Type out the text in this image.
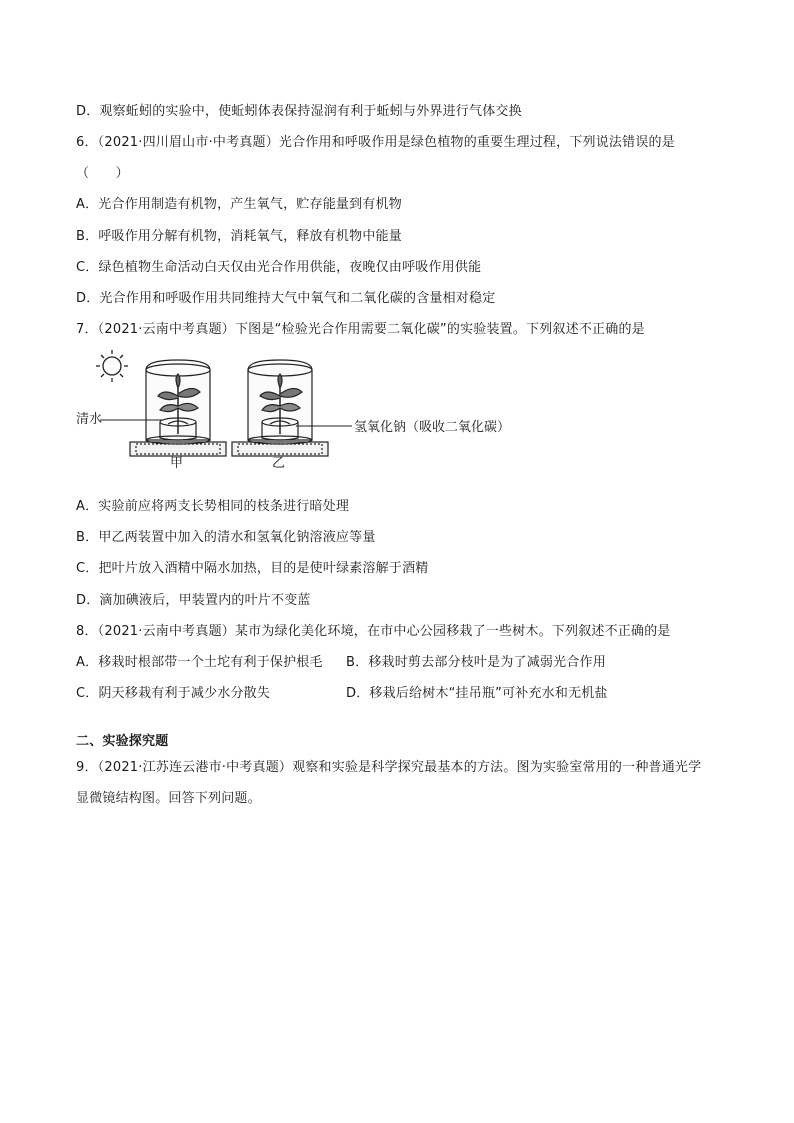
D．观察蚯蚓的实验中，使蚯蚓体表保持湿润有利于蚯蚓与外界进行气体交换
6．（2021·四川眉山市·中考真题）光合作用和呼吸作用是绿色植物的重要生理过程，下列说法错误的是
（　　）
A．光合作用制造有机物，产生氧气，贮存能量到有机物
B．呼吸作用分解有机物，消耗氧气，释放有机物中能量
C．绿色植物生命活动白天仅由光合作用供能，夜晚仅由呼吸作用供能
D．光合作用和呼吸作用共同维持大气中氧气和二氧化碳的含量相对稳定
7．（2021·云南中考真题）下图是“检验光合作用需要二氧化碳”的实验装置。下列叙述不正确的是
清水
甲	乙
氢氧化钠（吸收二氧化碳）
A．实验前应将两支长势相同的枝条进行暗处理
B．甲乙两装置中加入的清水和氢氧化钠溶液应等量
C．把叶片放入酒精中隔水加热，目的是使叶绿素溶解于酒精
D．滴加碘液后，甲装置内的叶片不变蓝
8．（2021·云南中考真题）某市为绿化美化环境，在市中心公园移栽了一些树木。下列叙述不正确的是
A．移栽时根部带一个土坨有利于保护根毛 B．移栽时剪去部分枝叶是为了减弱光合作用
C．阴天移栽有利于减少水分散失	D．移栽后给树木“挂吊瓶”可补充水和无机盐
二、实验探究题
9．（2021·江苏连云港市·中考真题）观察和实验是科学探究最基本的方法。图为实验室常用的一种普通光学
显微镜结构图。回答下列问题。
